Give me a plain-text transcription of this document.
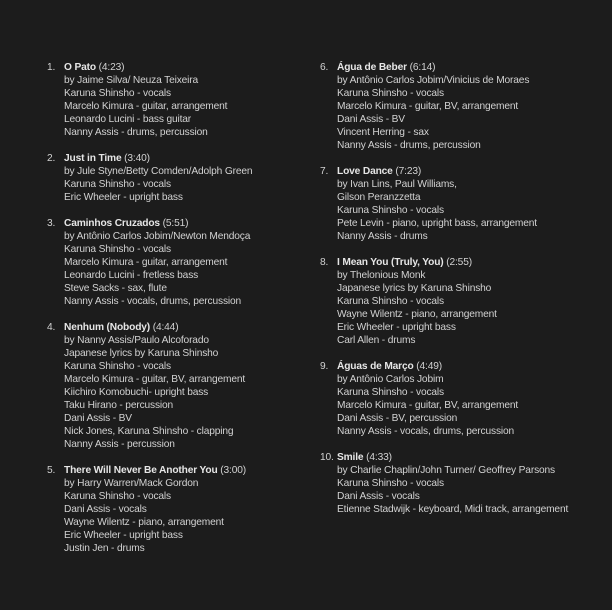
1. O Pato (4:23)
by Jaime Silva/ Neuza Teixeira
Karuna Shinsho - vocals
Marcelo Kimura - guitar, arrangement
Leonardo Lucini - bass guitar
Nanny Assis - drums, percussion
2. Just in Time (3:40)
by Jule Styne/Betty Comden/Adolph Green
Karuna Shinsho - vocals
Eric Wheeler - upright bass
3. Caminhos Cruzados (5:51)
by Antônio Carlos Jobim/Newton Mendoça
Karuna Shinsho - vocals
Marcelo Kimura - guitar, arrangement
Leonardo Lucini - fretless bass
Steve Sacks - sax, flute
Nanny Assis - vocals, drums, percussion
4. Nenhum (Nobody) (4:44)
by Nanny Assis/Paulo Alcoforado
Japanese lyrics by Karuna Shinsho
Karuna Shinsho - vocals
Marcelo Kimura - guitar, BV, arrangement
Kiichiro Komobuchi- upright bass
Taku Hirano - percussion
Dani Assis - BV
Nick Jones, Karuna Shinsho - clapping
Nanny Assis - percussion
5. There Will Never Be Another You (3:00)
by Harry Warren/Mack Gordon
Karuna Shinsho - vocals
Dani Assis - vocals
Wayne Wilentz - piano, arrangement
Eric Wheeler - upright bass
Justin Jen - drums
6. Água de Beber (6:14)
by Antônio Carlos Jobim/Vinicius de Moraes
Karuna Shinsho - vocals
Marcelo Kimura - guitar, BV, arrangement
Dani Assis - BV
Vincent Herring - sax
Nanny Assis - drums, percussion
7. Love Dance (7:23)
by Ivan Lins, Paul Williams,
Gilson Peranzzetta
Karuna Shinsho - vocals
Pete Levin - piano, upright bass, arrangement
Nanny Assis - drums
8. I Mean You (Truly, You) (2:55)
by Thelonious Monk
Japanese lyrics by Karuna Shinsho
Karuna Shinsho - vocals
Wayne Wilentz - piano, arrangement
Eric Wheeler - upright bass
Carl Allen - drums
9. Águas de Março (4:49)
by Antônio Carlos Jobim
Karuna Shinsho - vocals
Marcelo Kimura - guitar, BV, arrangement
Dani Assis - BV, percussion
Nanny Assis - vocals, drums, percussion
10. Smile (4:33)
by Charlie Chaplin/John Turner/ Geoffrey Parsons
Karuna Shinsho - vocals
Dani Assis - vocals
Etienne Stadwijk - keyboard, Midi track, arrangement
